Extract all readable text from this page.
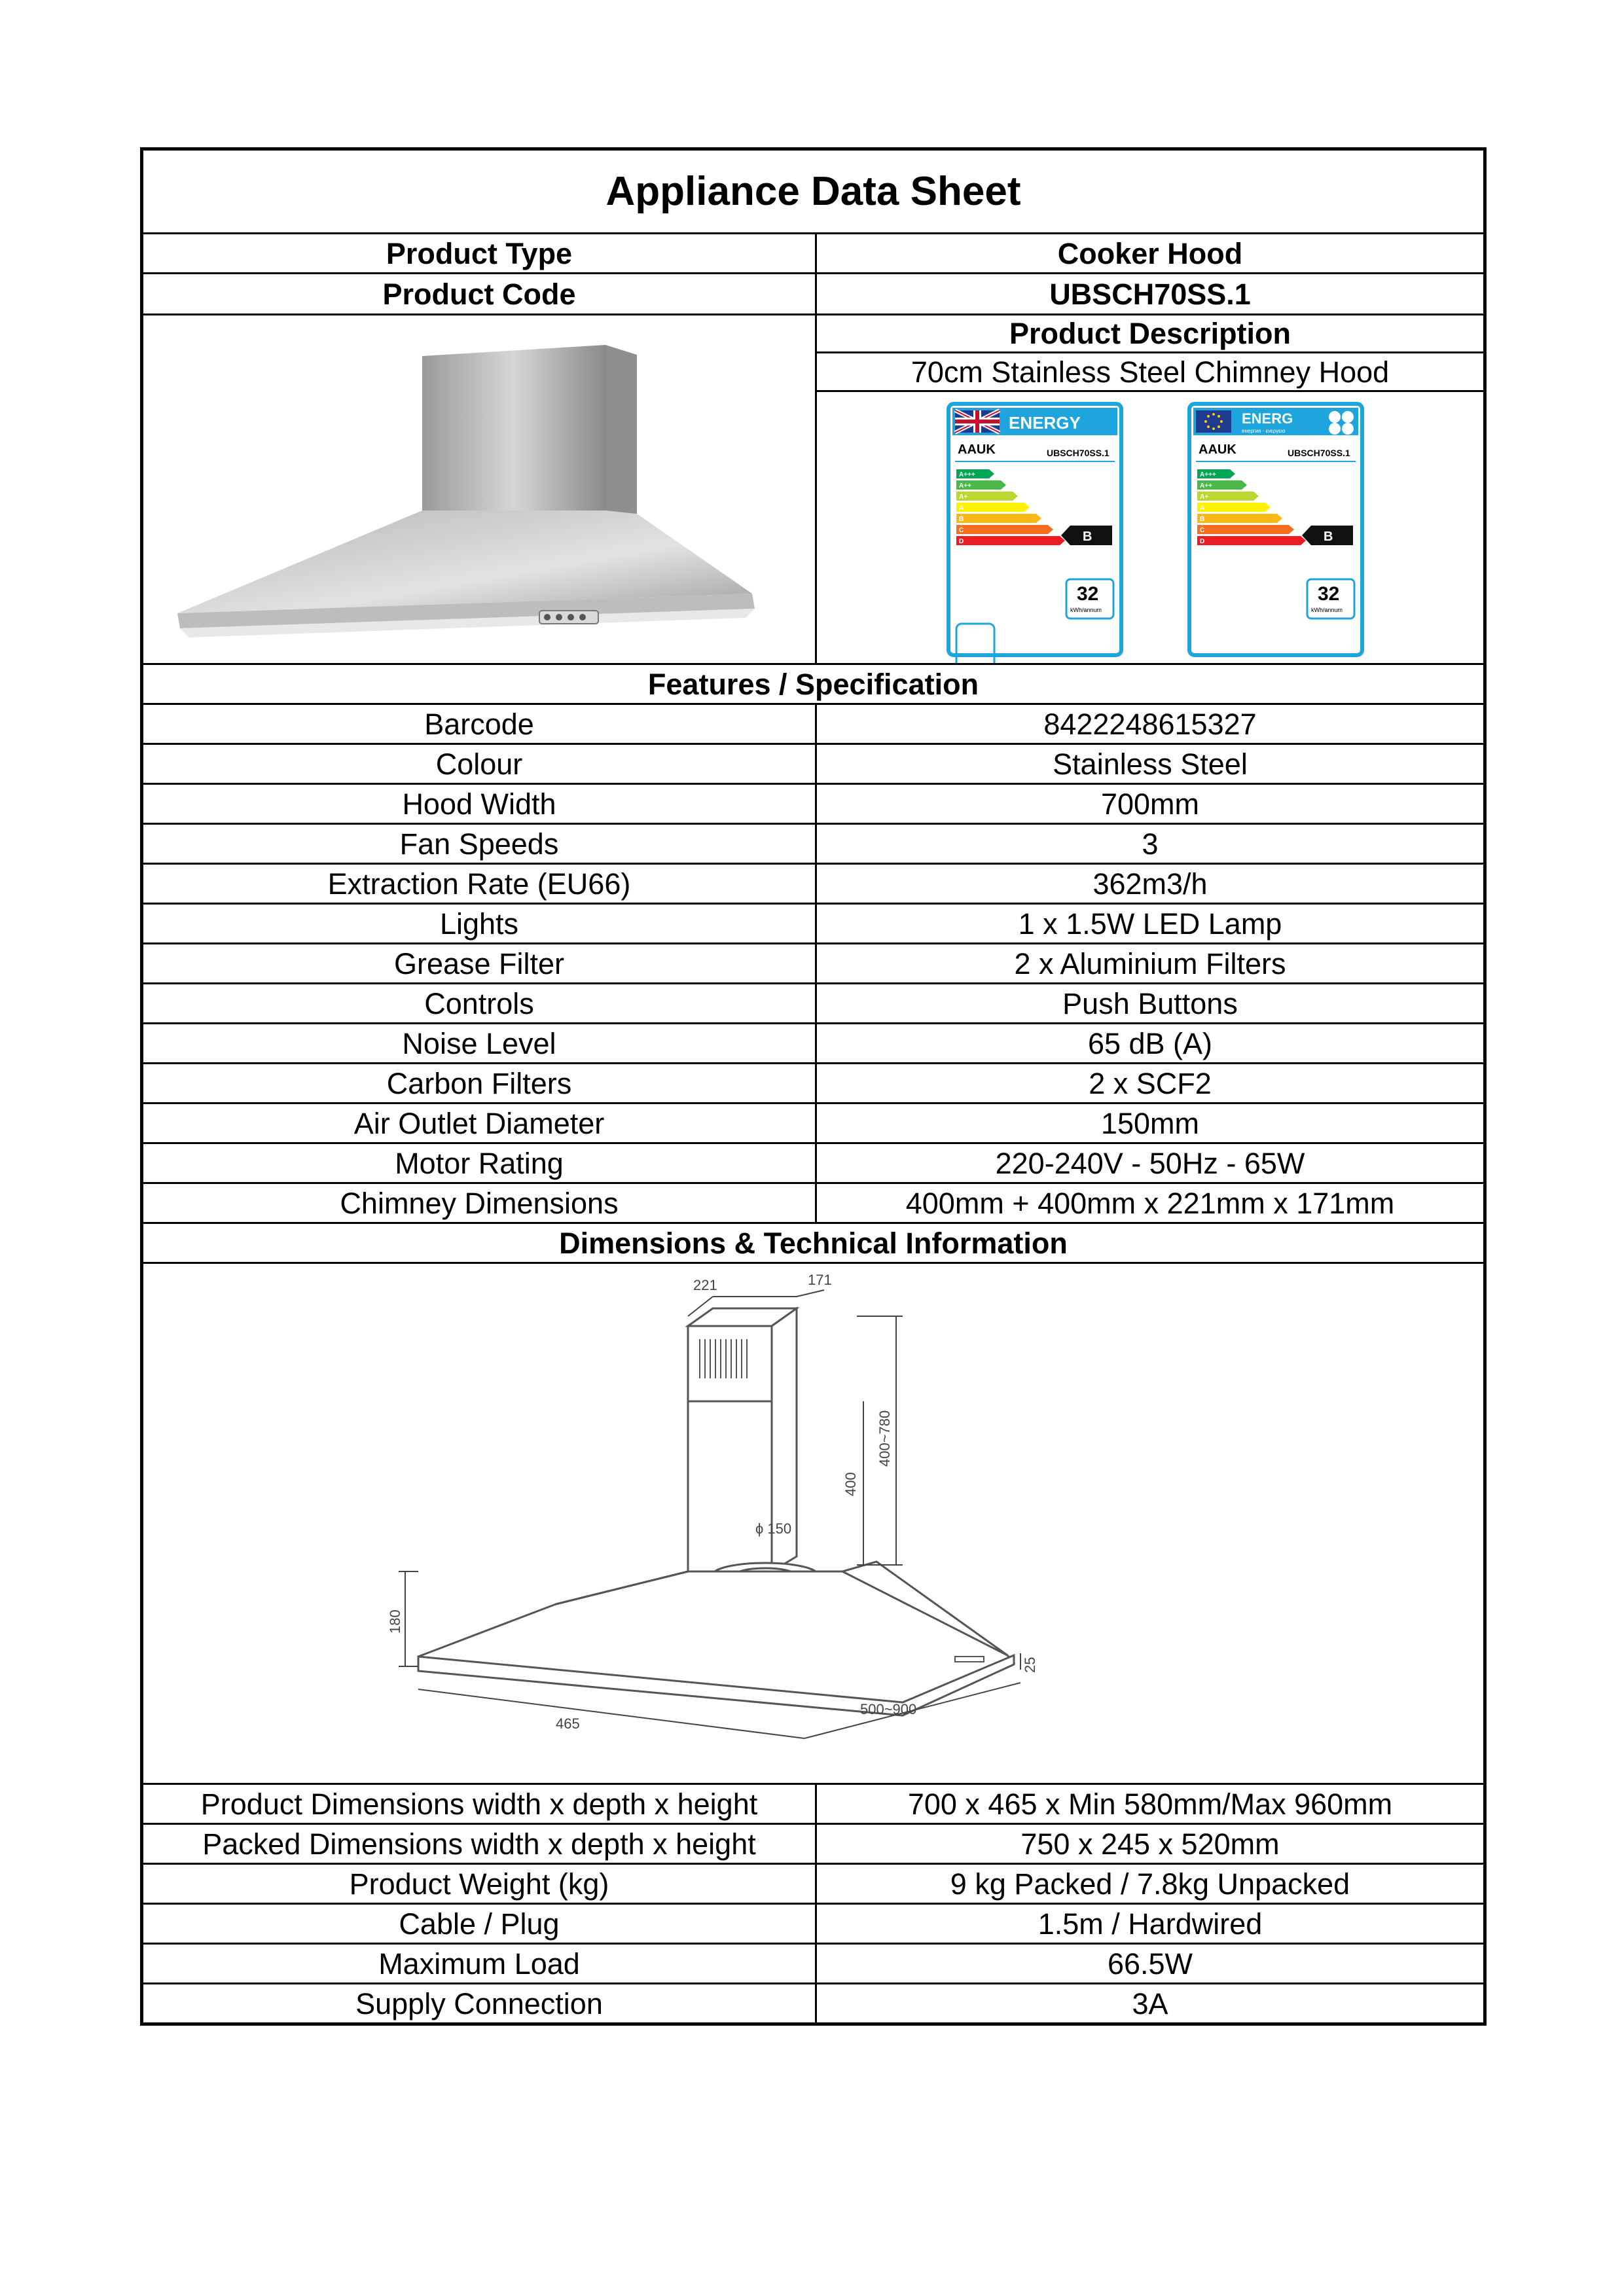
Appliance Data Sheet
Product Type	Cooker Hood
Product Code	UBSCH70SS.1
Product Description
70cm Stainless Steel Chimney Hood
ENERGY
AAUK	UBSCH70SS.1
A+++
A++
A+
A
B
C
D	B
32
kWh/annum
ENERG
енергия · ενεργεια
AAUK	UBSCH70SS.1
A+++
A++
A+
A
B
C
D	B
32
kWh/annum
Features / Specification
Barcode	8422248615327
Colour	Stainless Steel
Hood Width	700mm
Fan Speeds	3
Extraction Rate (EU66)	362m3/h
Lights	1 x 1.5W LED Lamp
Grease Filter	2 x Aluminium Filters
Controls	Push Buttons
Noise Level	65 dB (A)
Carbon Filters	2 x SCF2
Air Outlet Diameter	150mm
Motor Rating	220-240V - 50Hz - 65W
Chimney Dimensions	400mm + 400mm x 221mm x 171mm
Dimensions & Technical Information
221	171
400
400~780
ϕ 150
180
465
500~900
25
Product Dimensions width x depth x height	700 x 465 x Min 580mm/Max 960mm
Packed Dimensions width x depth x height	750 x 245 x 520mm
Product Weight (kg)	9 kg Packed / 7.8kg Unpacked
Cable / Plug	1.5m / Hardwired
Maximum Load	66.5W
Supply Connection	3A
